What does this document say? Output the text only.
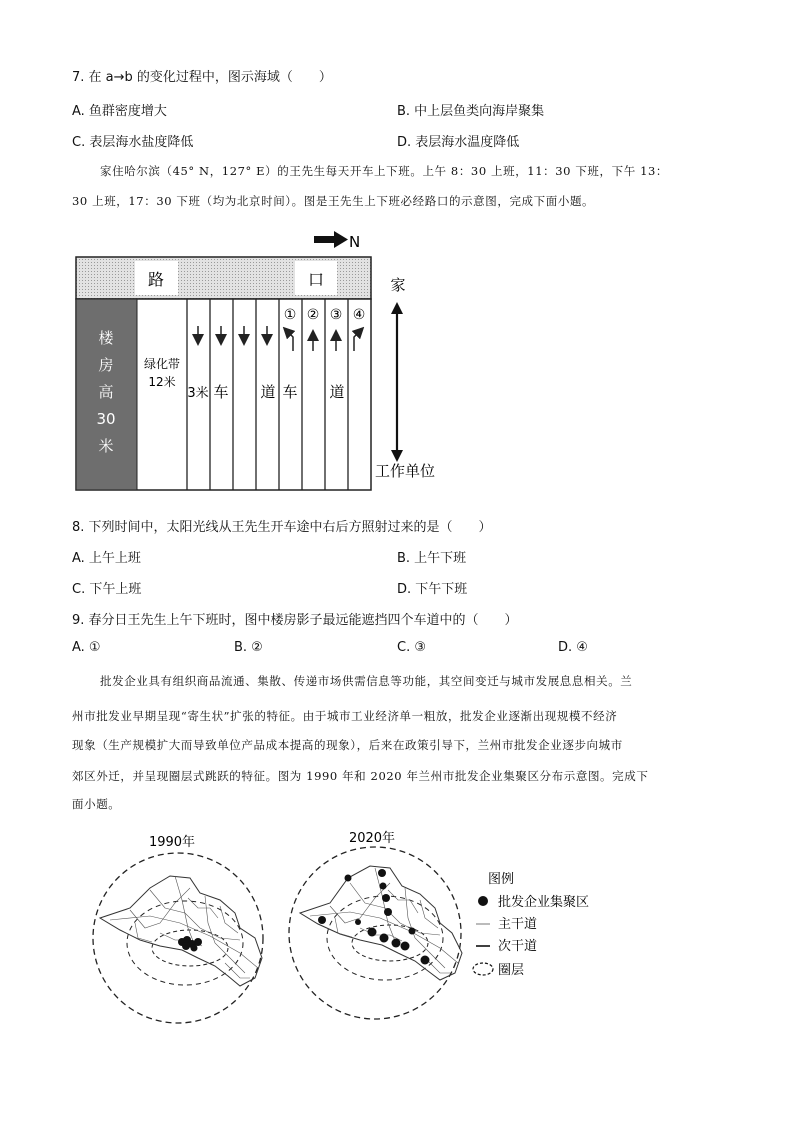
7. 在 a→b 的变化过程中，图示海域（　　）
A. 鱼群密度增大	B. 中上层鱼类向海岸聚集
C. 表层海水盐度降低	D. 表层海水温度降低
家住哈尔滨（45° N，127° E）的王先生每天开车上下班。上午 8：30 上班，11：30 下班，下午 13：
30 上班，17：30 下班（均为北京时间）。图是王先生上下班必经路口的示意图，完成下面小题。
N
路	口
楼
房
高
30
米
绿化带
12米
3米 车 道 车 道
① ② ③ ④
家
工作单位
8. 下列时间中，太阳光线从王先生开车途中右后方照射过来的是（　　）
A. 上午上班	B. 上午下班
C. 下午上班	D. 下午下班
9. 春分日王先生上午下班时，图中楼房影子最远能遮挡四个车道中的（　　）
A. ①	B. ②	C. ③	D. ④
批发企业具有组织商品流通、集散、传递市场供需信息等功能，其空间变迁与城市发展息息相关。兰
州市批发业早期呈现“寄生状”扩张的特征。由于城市工业经济单一粗放，批发企业逐渐出现规模不经济
现象（生产规模扩大而导致单位产品成本提高的现象），后来在政策引导下，兰州市批发企业逐步向城市
郊区外迁，并呈现圈层式跳跃的特征。图为 1990 年和 2020 年兰州市批发企业集聚区分布示意图。完成下
面小题。
1990年	2020年
图例
批发企业集聚区
主干道
次干道
圈层
